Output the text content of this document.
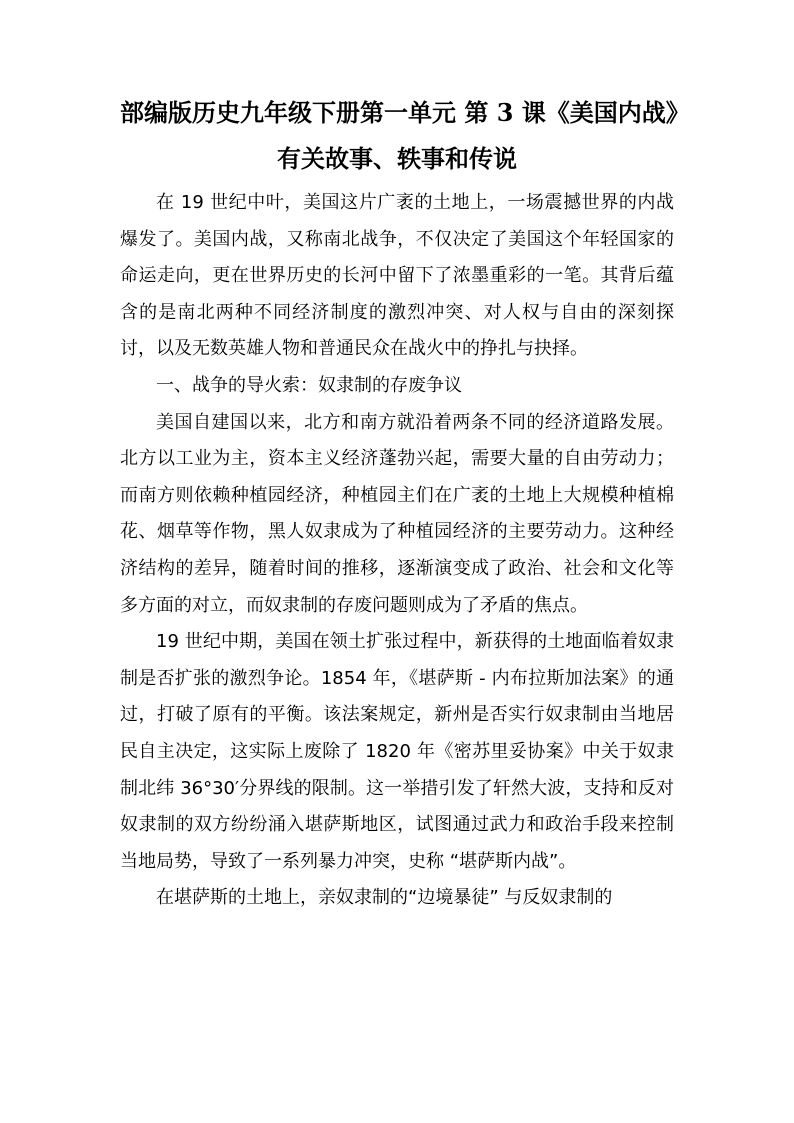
部编版历史九年级下册第一单元 第 3 课《美国内战》
有关故事、轶事和传说

在 19 世纪中叶，美国这片广袤的土地上，一场震撼世界的内战爆发了。美国内战，又称南北战争，不仅决定了美国这个年轻国家的命运走向，更在世界历史的长河中留下了浓墨重彩的一笔。其背后蕴含的是南北两种不同经济制度的激烈冲突、对人权与自由的深刻探讨，以及无数英雄人物和普通民众在战火中的挣扎与抉择。

一、战争的导火索：奴隶制的存废争议

美国自建国以来，北方和南方就沿着两条不同的经济道路发展。北方以工业为主，资本主义经济蓬勃兴起，需要大量的自由劳动力；而南方则依赖种植园经济，种植园主们在广袤的土地上大规模种植棉花、烟草等作物，黑人奴隶成为了种植园经济的主要劳动力。这种经济结构的差异，随着时间的推移，逐渐演变成了政治、社会和文化等多方面的对立，而奴隶制的存废问题则成为了矛盾的焦点。

19 世纪中期，美国在领土扩张过程中，新获得的土地面临着奴隶制是否扩张的激烈争论。1854 年，《堪萨斯 - 内布拉斯加法案》的通过，打破了原有的平衡。该法案规定，新州是否实行奴隶制由当地居民自主决定，这实际上废除了 1820 年《密苏里妥协案》中关于奴隶制北纬 36°30′分界线的限制。这一举措引发了轩然大波，支持和反对奴隶制的双方纷纷涌入堪萨斯地区，试图通过武力和政治手段来控制当地局势，导致了一系列暴力冲突，史称 “堪萨斯内战”。

在堪萨斯的土地上，亲奴隶制的“边境暴徒” 与反奴隶制的
